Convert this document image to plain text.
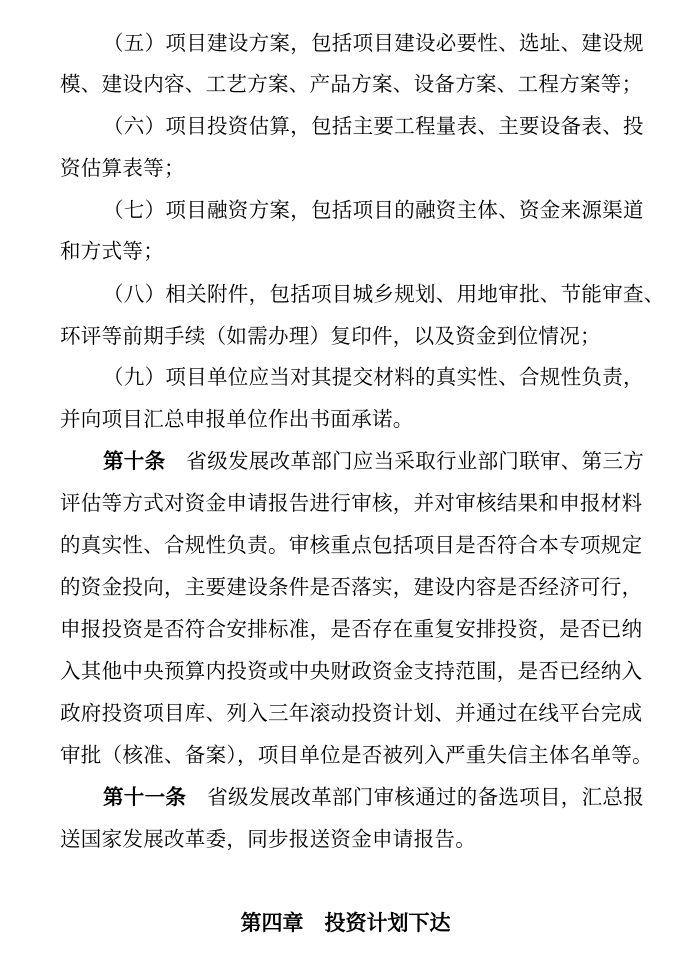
（五）项目建设方案，包括项目建设必要性、选址、建设规
模、建设内容、工艺方案、产品方案、设备方案、工程方案等；
（六）项目投资估算，包括主要工程量表、主要设备表、投
资估算表等；
（七）项目融资方案，包括项目的融资主体、资金来源渠道
和方式等；
（八）相关附件，包括项目城乡规划、用地审批、节能审查、
环评等前期手续（如需办理）复印件，以及资金到位情况；
（九）项目单位应当对其提交材料的真实性、合规性负责，
并向项目汇总申报单位作出书面承诺。
第十条 省级发展改革部门应当采取行业部门联审、第三方
评估等方式对资金申请报告进行审核，并对审核结果和申报材料
的真实性、合规性负责。审核重点包括项目是否符合本专项规定
的资金投向，主要建设条件是否落实，建设内容是否经济可行，
申报投资是否符合安排标准，是否存在重复安排投资，是否已纳
入其他中央预算内投资或中央财政资金支持范围，是否已经纳入
政府投资项目库、列入三年滚动投资计划、并通过在线平台完成
审批（核准、备案），项目单位是否被列入严重失信主体名单等。
第十一条 省级发展改革部门审核通过的备选项目，汇总报
送国家发展改革委，同步报送资金申请报告。
第四章　投资计划下达
